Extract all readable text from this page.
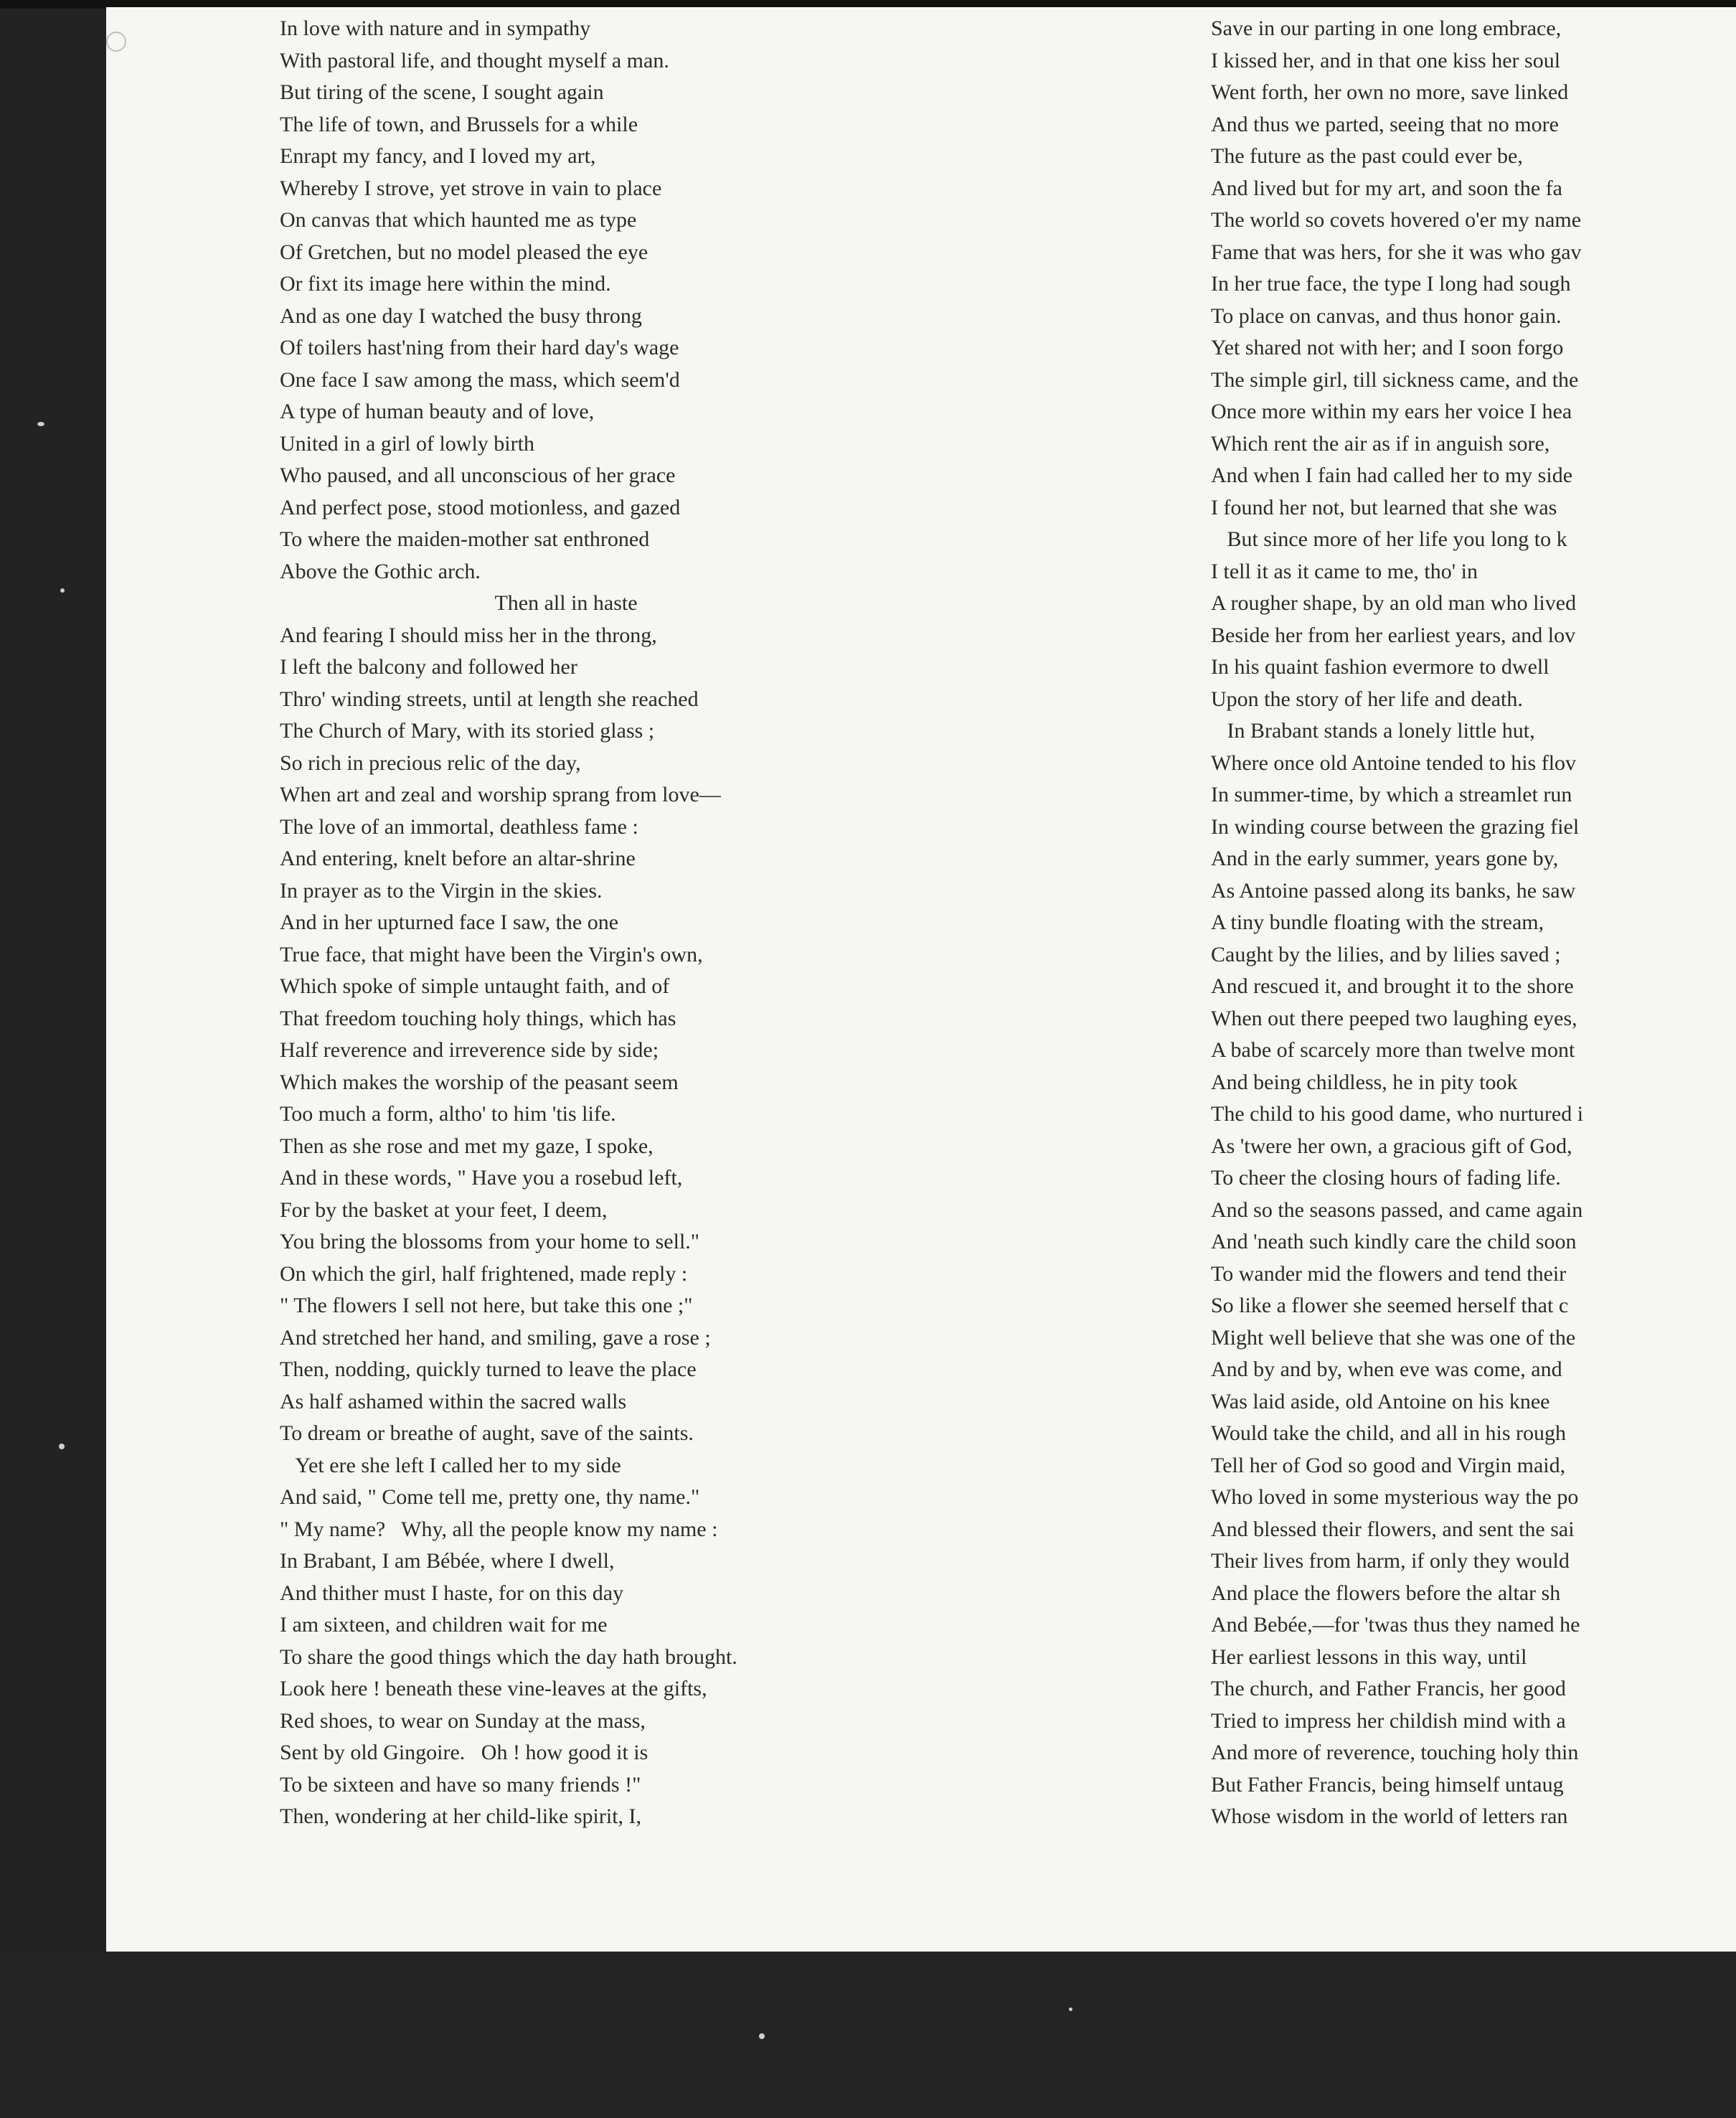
In love with nature and in sympathy
With pastoral life, and thought myself a man.
But tiring of the scene, I sought again
The life of town, and Brussels for a while
Enrapt my fancy, and I loved my art,
Whereby I strove, yet strove in vain to place
On canvas that which haunted me as type
Of Gretchen, but no model pleased the eye
Or fixt its image here within the mind.
And as one day I watched the busy throng
Of toilers hast'ning from their hard day's wage
One face I saw among the mass, which seem'd
A type of human beauty and of love,
United in a girl of lowly birth
Who paused, and all unconscious of her grace
And perfect pose, stood motionless, and gazed
To where the maiden-mother sat enthroned
Above the Gothic arch.
Then all in haste
And fearing I should miss her in the throng,
I left the balcony and followed her
Thro' winding streets, until at length she reached
The Church of Mary, with its storied glass ;
So rich in precious relic of the day,
When art and zeal and worship sprang from love—
The love of an immortal, deathless fame :
And entering, knelt before an altar-shrine
In prayer as to the Virgin in the skies.
And in her upturned face I saw, the one
True face, that might have been the Virgin's own,
Which spoke of simple untaught faith, and of
That freedom touching holy things, which has
Half reverence and irreverence side by side;
Which makes the worship of the peasant seem
Too much a form, altho' to him 'tis life.
Then as she rose and met my gaze, I spoke,
And in these words, " Have you a rosebud left,
For by the basket at your feet, I deem,
You bring the blossoms from your home to sell."
On which the girl, half frightened, made reply :
" The flowers I sell not here, but take this one ;"
And stretched her hand, and smiling, gave a rose ;
Then, nodding, quickly turned to leave the place
As half ashamed within the sacred walls
To dream or breathe of aught, save of the saints.
Yet ere she left I called her to my side
And said, " Come tell me, pretty one, thy name."
" My name?   Why, all the people know my name :
In Brabant, I am Bébée, where I dwell,
And thither must I haste, for on this day
I am sixteen, and children wait for me
To share the good things which the day hath brought.
Look here ! beneath these vine-leaves at the gifts,
Red shoes, to wear on Sunday at the mass,
Sent by old Gingoire.   Oh ! how good it is
To be sixteen and have so many friends !"
Then, wondering at her child-like spirit, I,
Save in our parting in one long embrace,
I kissed her, and in that one kiss her soul
Went forth, her own no more, save linked
And thus we parted, seeing that no more
The future as the past could ever be,
And lived but for my art, and soon the fa
The world so covets hovered o'er my name
Fame that was hers, for she it was who gav
In her true face, the type I long had sough
To place on canvas, and thus honor gain.
Yet shared not with her; and I soon forgo
The simple girl, till sickness came, and the
Once more within my ears her voice I hea
Which rent the air as if in anguish sore,
And when I fain had called her to my side
I found her not, but learned that she was
But since more of her life you long to k
I tell it as it came to me, tho' in
A rougher shape, by an old man who lived
Beside her from her earliest years, and lov
In his quaint fashion evermore to dwell
Upon the story of her life and death.
In Brabant stands a lonely little hut,
Where once old Antoine tended to his flov
In summer-time, by which a streamlet run
In winding course between the grazing fiel
And in the early summer, years gone by,
As Antoine passed along its banks, he saw
A tiny bundle floating with the stream,
Caught by the lilies, and by lilies saved ;
And rescued it, and brought it to the shore
When out there peeped two laughing eyes,
A babe of scarcely more than twelve mont
And being childless, he in pity took
The child to his good dame, who nurtured i
As 'twere her own, a gracious gift of God,
To cheer the closing hours of fading life.
And so the seasons passed, and came again
And 'neath such kindly care the child soon
To wander mid the flowers and tend their
So like a flower she seemed herself that c
Might well believe that she was one of the
And by and by, when eve was come, and
Was laid aside, old Antoine on his knee
Would take the child, and all in his rough
Tell her of God so good and Virgin maid,
Who loved in some mysterious way the po
And blessed their flowers, and sent the sai
Their lives from harm, if only they would
And place the flowers before the altar sh
And Bebée,—for 'twas thus they named he
Her earliest lessons in this way, until
The church, and Father Francis, her good
Tried to impress her childish mind with a
And more of reverence, touching holy thin
But Father Francis, being himself untaug
Whose wisdom in the world of letters ran
